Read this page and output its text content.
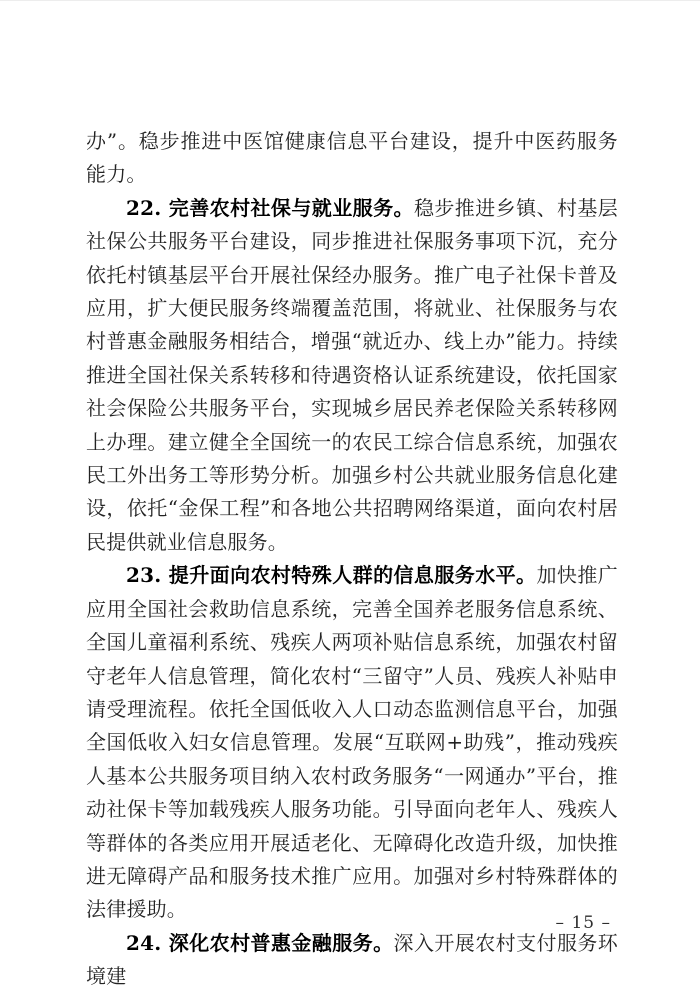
办”。稳步推进中医馆健康信息平台建设，提升中医药服务能力。

22. 完善农村社保与就业服务。稳步推进乡镇、村基层社保公共服务平台建设，同步推进社保服务事项下沉，充分依托村镇基层平台开展社保经办服务。推广电子社保卡普及应用，扩大便民服务终端覆盖范围，将就业、社保服务与农村普惠金融服务相结合，增强“就近办、线上办”能力。持续推进全国社保关系转移和待遇资格认证系统建设，依托国家社会保险公共服务平台，实现城乡居民养老保险关系转移网上办理。建立健全全国统一的农民工综合信息系统，加强农民工外出务工等形势分析。加强乡村公共就业服务信息化建设，依托“金保工程”和各地公共招聘网络渠道，面向农村居民提供就业信息服务。

23. 提升面向农村特殊人群的信息服务水平。加快推广应用全国社会救助信息系统，完善全国养老服务信息系统、全国儿童福利系统、残疾人两项补贴信息系统，加强农村留守老年人信息管理，简化农村“三留守”人员、残疾人补贴申请受理流程。依托全国低收入人口动态监测信息平台，加强全国低收入妇女信息管理。发展“互联网+助残”，推动残疾人基本公共服务项目纳入农村政务服务“一网通办”平台，推动社保卡等加载残疾人服务功能。引导面向老年人、残疾人等群体的各类应用开展适老化、无障碍化改造升级，加快推进无障碍产品和服务技术推广应用。加强对乡村特殊群体的法律援助。

24. 深化农村普惠金融服务。深入开展农村支付服务环境建

– 15 –
